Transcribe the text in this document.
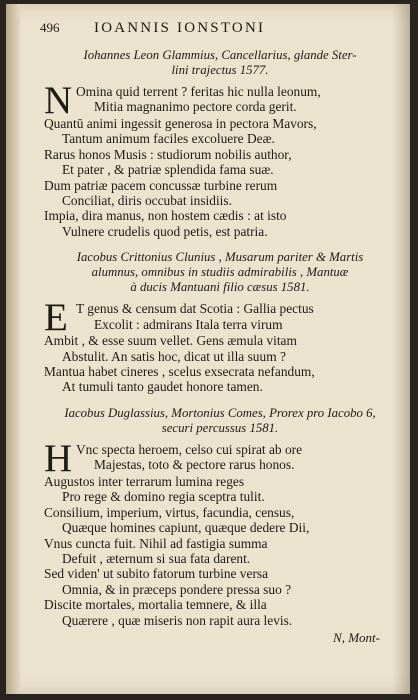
496 IOANNIS IONSTONI
Iohannes Leon Glammius, Cancellarius, glande Ster-
lini trajectus 1577.
N Omina quid terrent ? feritas hic nulla leonum,
Mitia magnanimo pectore corda gerit.
Quantū animi ingessit generosa in pectora Mavors,
Tantum animum faciles excoluere Deæ.
Rarus honos Musis : studiorum nobilis author,
Et pater , & patriæ splendida fama suæ.
Dum patriæ pacem concussæ turbine rerum
Conciliat, diris occubat insidiis.
Impia, dira manus, non hostem cædis : at isto
Vulnere crudelis quod petis, est patria.
Iacobus Crittonius Clunius , Musarum pariter & Martis
alumnus, omnibus in studiis admirabilis , Mantuæ
à ducis Mantuani filio cæsus 1581.
E T genus & censum dat Scotia : Gallia pectus
Excolit : admirans Itala terra virum
Ambit , & esse suum vellet. Gens æmula vitam
Abstulit. An satis hoc, dicat ut illa suum ?
Mantua habet cineres , scelus exsecrata nefandum,
At tumuli tanto gaudet honore tamen.
Iacobus Duglassius, Mortonius Comes, Prorex pro Iacobo 6,
securi percussus 1581.
H Vnc specta heroem, celso cui spirat ab ore
Majestas, toto & pectore rarus honos.
Augustos inter terrarum lumina reges
Pro rege & domino regia sceptra tulit.
Consilium, imperium, virtus, facundia, census,
Quæque homines capiunt, quæque dedere Dii,
Vnus cuncta fuit. Nihil ad fastigia summa
Defuit , æternum si sua fata darent.
Sed viden' ut subito fatorum turbine versa
Omnia, & in præceps pondere pressa suo ?
Discite mortales, mortalia temnere, & illa
Quærere , quæ miseris non rapit aura levis.
N, Mont-
